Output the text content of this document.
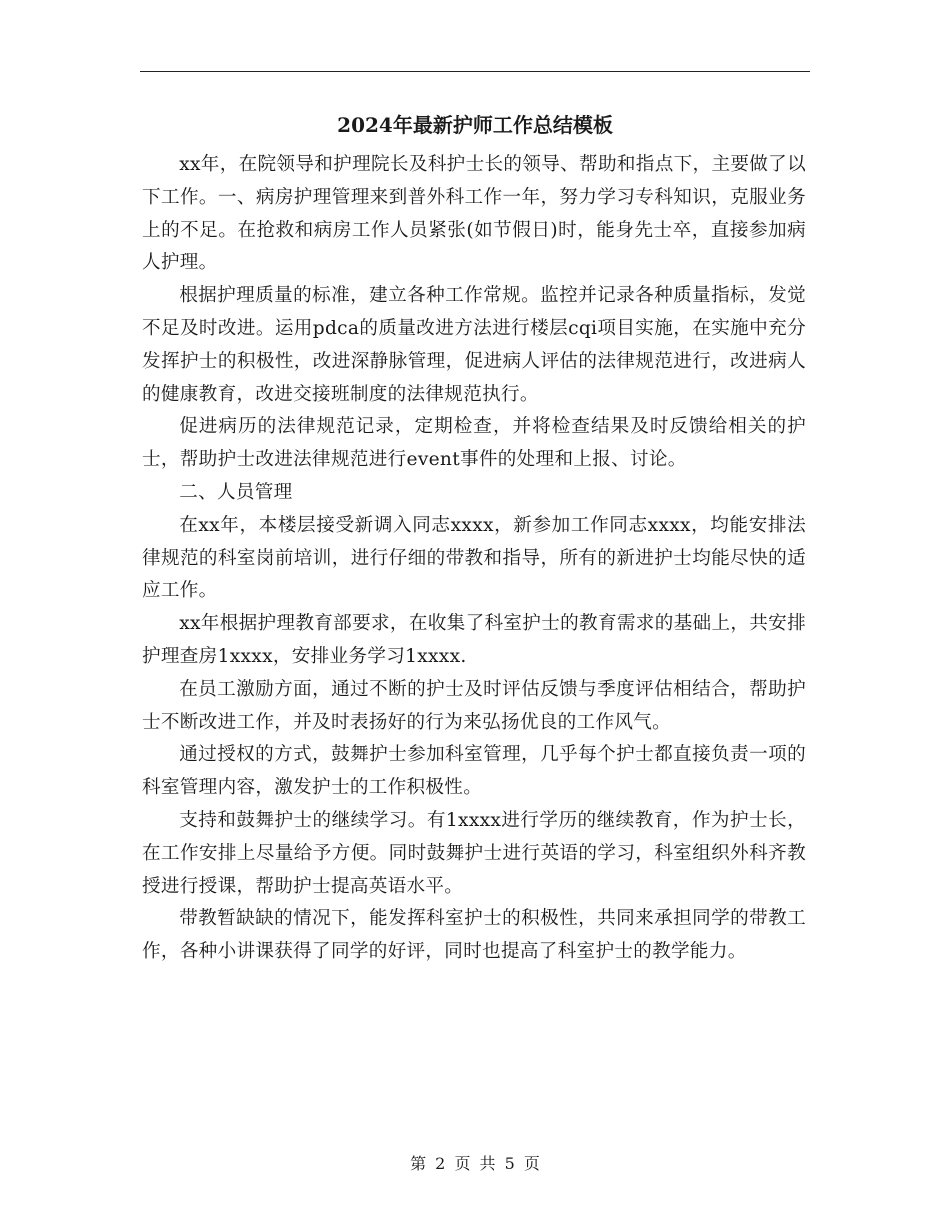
2024年最新护师工作总结模板

xx年，在院领导和护理院长及科护士长的领导、帮助和指点下，主要做了以下工作。一、病房护理管理来到普外科工作一年，努力学习专科知识，克服业务上的不足。在抢救和病房工作人员紧张(如节假日)时，能身先士卒，直接参加病人护理。

根据护理质量的标准，建立各种工作常规。监控并记录各种质量指标，发觉不足及时改进。运用pdca的质量改进方法进行楼层cqi项目实施，在实施中充分发挥护士的积极性，改进深静脉管理，促进病人评估的法律规范进行，改进病人的健康教育，改进交接班制度的法律规范执行。

促进病历的法律规范记录，定期检查，并将检查结果及时反馈给相关的护士，帮助护士改进法律规范进行event事件的处理和上报、讨论。

二、人员管理

在xx年，本楼层接受新调入同志xxxx，新参加工作同志xxxx，均能安排法律规范的科室岗前培训，进行仔细的带教和指导，所有的新进护士均能尽快的适应工作。

xx年根据护理教育部要求，在收集了科室护士的教育需求的基础上，共安排护理查房1xxxx，安排业务学习1xxxx.

在员工激励方面，通过不断的护士及时评估反馈与季度评估相结合，帮助护士不断改进工作，并及时表扬好的行为来弘扬优良的工作风气。

通过授权的方式，鼓舞护士参加科室管理，几乎每个护士都直接负责一项的科室管理内容，激发护士的工作积极性。

支持和鼓舞护士的继续学习。有1xxxx进行学历的继续教育，作为护士长，在工作安排上尽量给予方便。同时鼓舞护士进行英语的学习，科室组织外科齐教授进行授课，帮助护士提高英语水平。

带教暂缺缺的情况下，能发挥科室护士的积极性，共同来承担同学的带教工作，各种小讲课获得了同学的好评，同时也提高了科室护士的教学能力。

第 2 页 共 5 页
